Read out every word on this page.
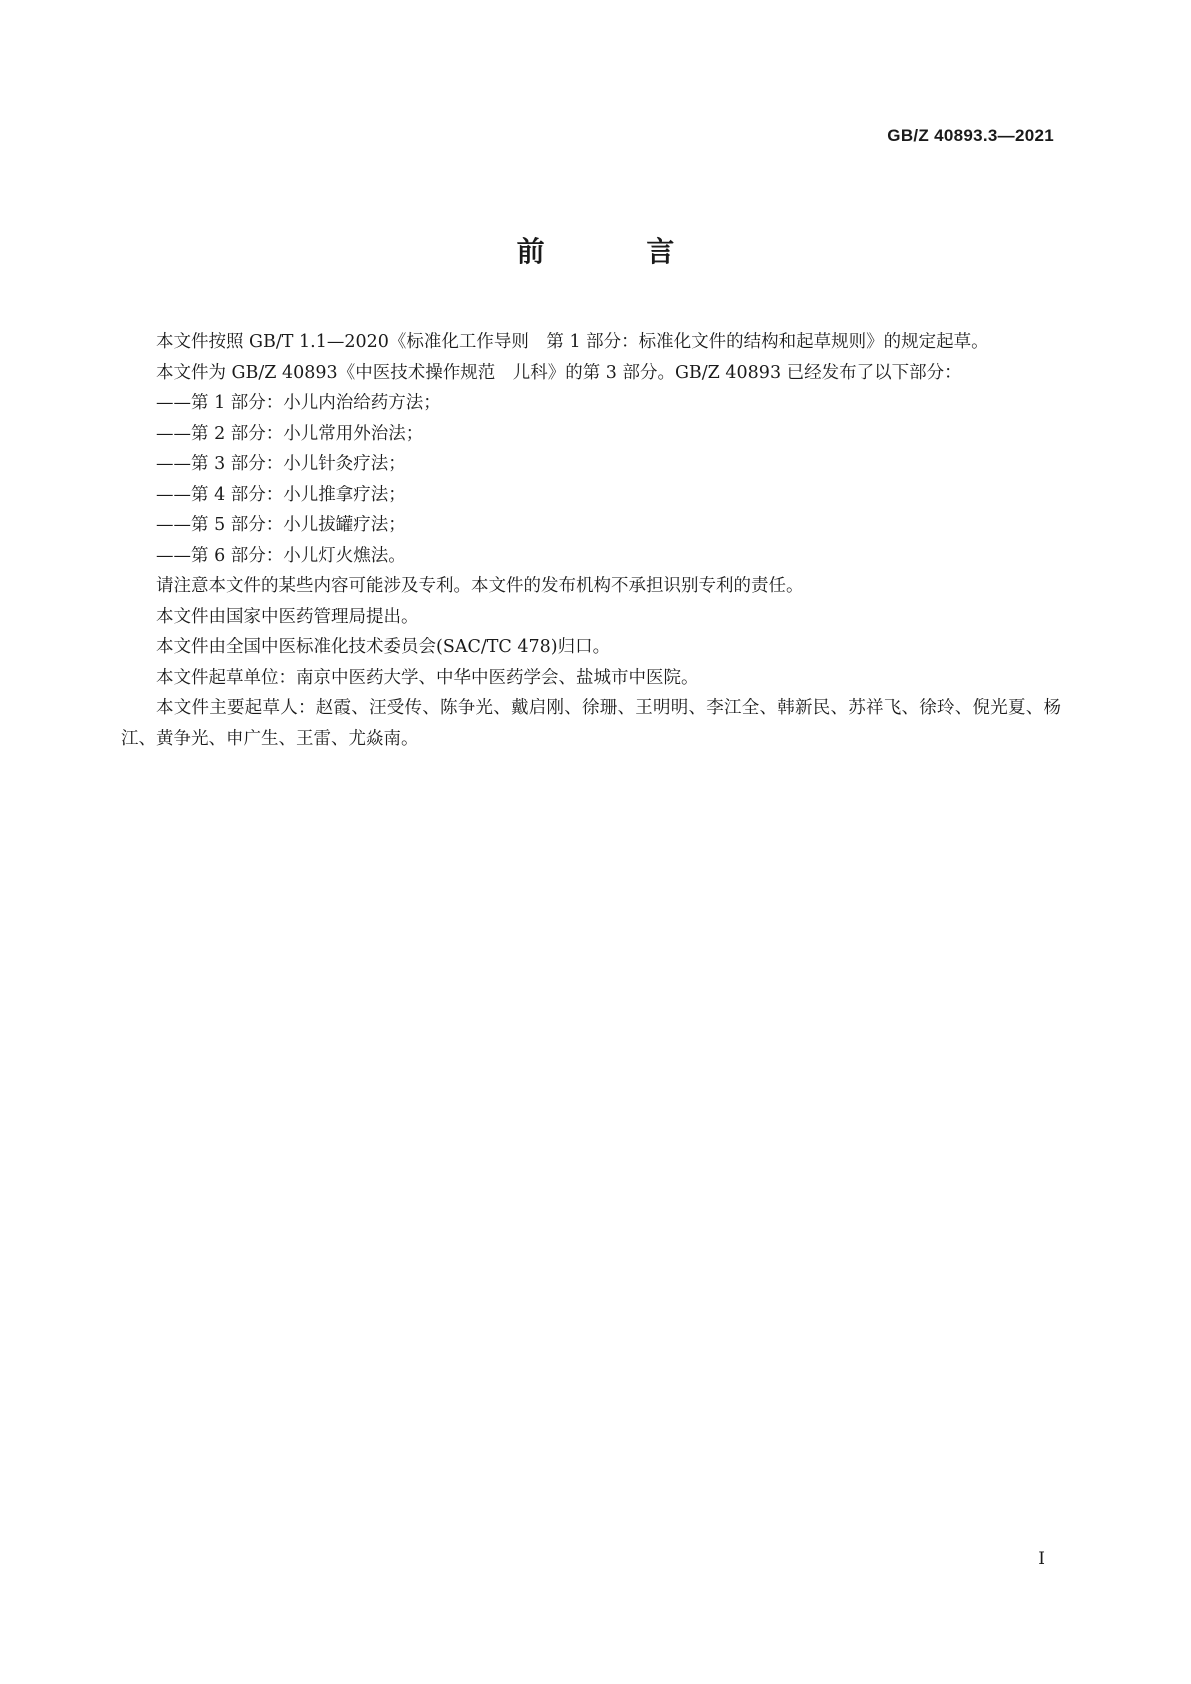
GB/Z 40893.3—2021
前 言

本文件按照 GB/T 1.1—2020《标准化工作导则　第 1 部分：标准化文件的结构和起草规则》的规定起草。

本文件为 GB/Z 40893《中医技术操作规范　儿科》的第 3 部分。GB/Z 40893 已经发布了以下部分：

——第 1 部分：小儿内治给药方法；

——第 2 部分：小儿常用外治法；

——第 3 部分：小儿针灸疗法；

——第 4 部分：小儿推拿疗法；

——第 5 部分：小儿拔罐疗法；

——第 6 部分：小儿灯火燋法。

请注意本文件的某些内容可能涉及专利。本文件的发布机构不承担识别专利的责任。

本文件由国家中医药管理局提出。

本文件由全国中医标准化技术委员会(SAC/TC 478)归口。

本文件起草单位：南京中医药大学、中华中医药学会、盐城市中医院。

本文件主要起草人：赵霞、汪受传、陈争光、戴启刚、徐珊、王明明、李江全、韩新民、苏祥飞、徐玲、倪光夏、杨江、黄争光、申广生、王雷、尤焱南。

I
